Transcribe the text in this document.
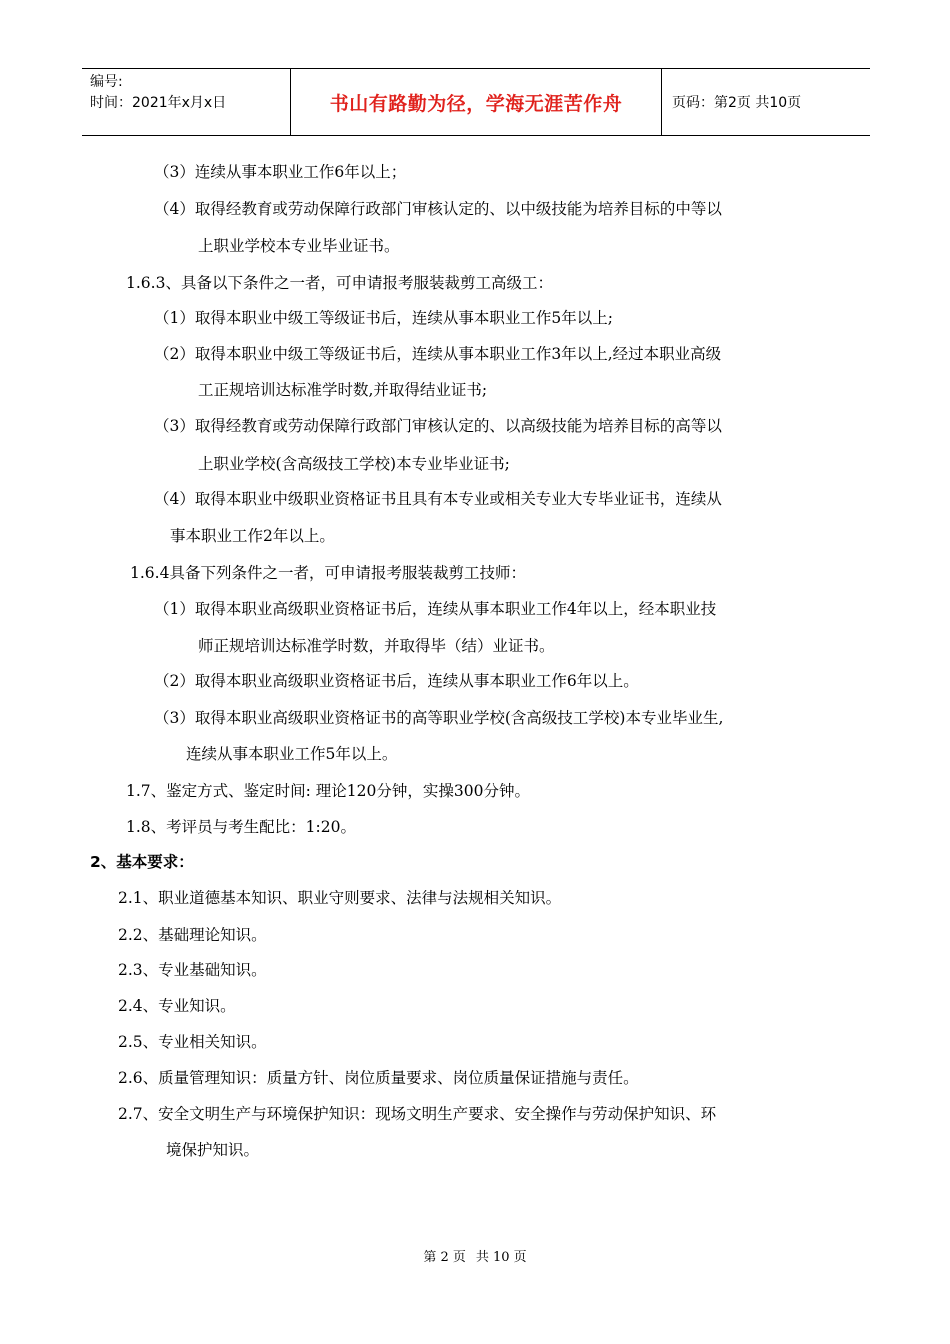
编号:
时间：2021年x月x日	书山有路勤为径，学海无涯苦作舟	页码：第2页 共10页
（3）连续从事本职业工作6年以上；
（4）取得经教育或劳动保障行政部门审核认定的、以中级技能为培养目标的中等以
上职业学校本专业毕业证书。
1.6.3、具备以下条件之一者，可申请报考服装裁剪工高级工：
（1）取得本职业中级工等级证书后，连续从事本职业工作5年以上;
（2）取得本职业中级工等级证书后，连续从事本职业工作3年以上,经过本职业高级
工正规培训达标准学时数,并取得结业证书;
（3）取得经教育或劳动保障行政部门审核认定的、以高级技能为培养目标的高等以
上职业学校(含高级技工学校)本专业毕业证书;
（4）取得本职业中级职业资格证书且具有本专业或相关专业大专毕业证书，连续从
事本职业工作2年以上。
1.6.4具备下列条件之一者，可申请报考服装裁剪工技师：
（1）取得本职业高级职业资格证书后，连续从事本职业工作4年以上，经本职业技
师正规培训达标准学时数，并取得毕（结）业证书。
（2）取得本职业高级职业资格证书后，连续从事本职业工作6年以上。
（3）取得本职业高级职业资格证书的高等职业学校(含高级技工学校)本专业毕业生,
连续从事本职业工作5年以上。
1.7、鉴定方式、鉴定时间: 理论120分钟，实操300分钟。
1.8、考评员与考生配比：1:20。
2、基本要求：
2.1、职业道德基本知识、职业守则要求、法律与法规相关知识。
2.2、基础理论知识。
2.3、专业基础知识。
2.4、专业知识。
2.5、专业相关知识。
2.6、质量管理知识：质量方针、岗位质量要求、岗位质量保证措施与责任。
2.7、安全文明生产与环境保护知识：现场文明生产要求、安全操作与劳动保护知识、环
境保护知识。
第 2 页 共 10 页
